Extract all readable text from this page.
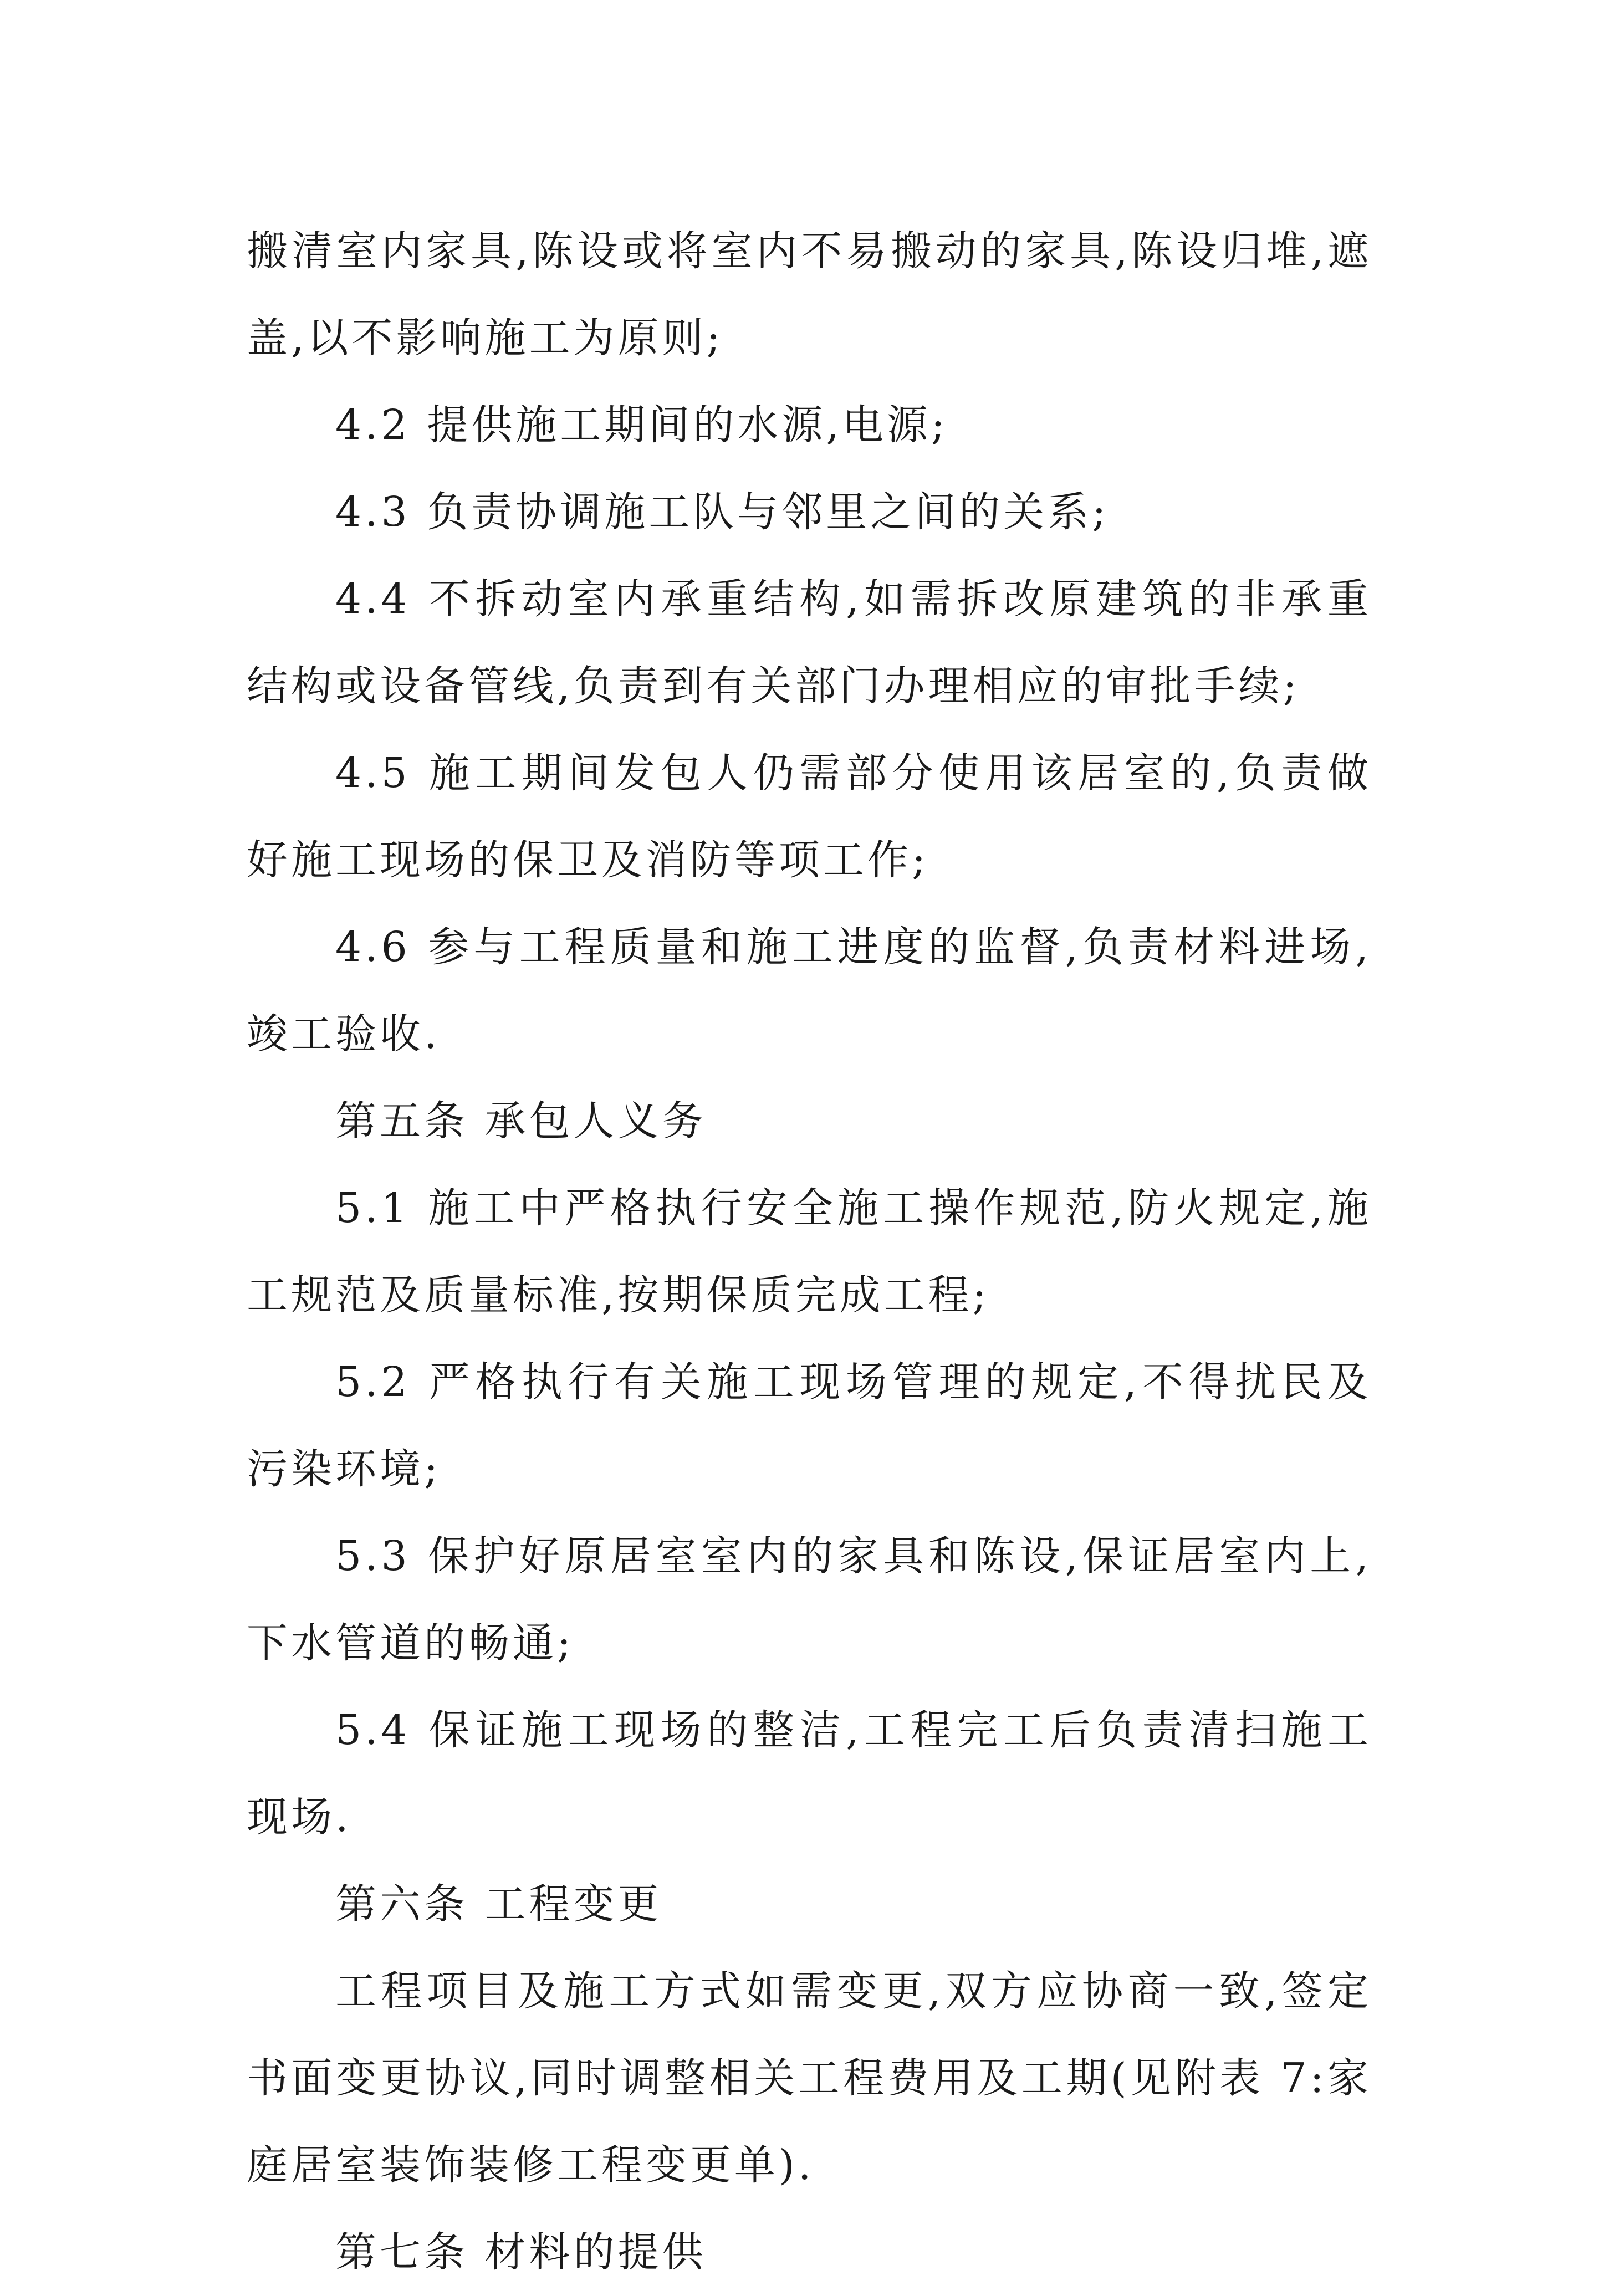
搬清室内家具,陈设或将室内不易搬动的家具,陈设归堆,遮盖,以不影响施工为原则;

4.2 提供施工期间的水源,电源;

4.3 负责协调施工队与邻里之间的关系;

4.4 不拆动室内承重结构,如需拆改原建筑的非承重结构或设备管线,负责到有关部门办理相应的审批手续;

4.5 施工期间发包人仍需部分使用该居室的,负责做好施工现场的保卫及消防等项工作;

4.6 参与工程质量和施工进度的监督,负责材料进场,竣工验收.

第五条 承包人义务

5.1 施工中严格执行安全施工操作规范,防火规定,施工规范及质量标准,按期保质完成工程;

5.2 严格执行有关施工现场管理的规定,不得扰民及污染环境;

5.3 保护好原居室室内的家具和陈设,保证居室内上,下水管道的畅通;

5.4 保证施工现场的整洁,工程完工后负责清扫施工现场.

第六条 工程变更

工程项目及施工方式如需变更,双方应协商一致,签定书面变更协议,同时调整相关工程费用及工期(见附表 7:家庭居室装饰装修工程变更单).

第七条 材料的提供
